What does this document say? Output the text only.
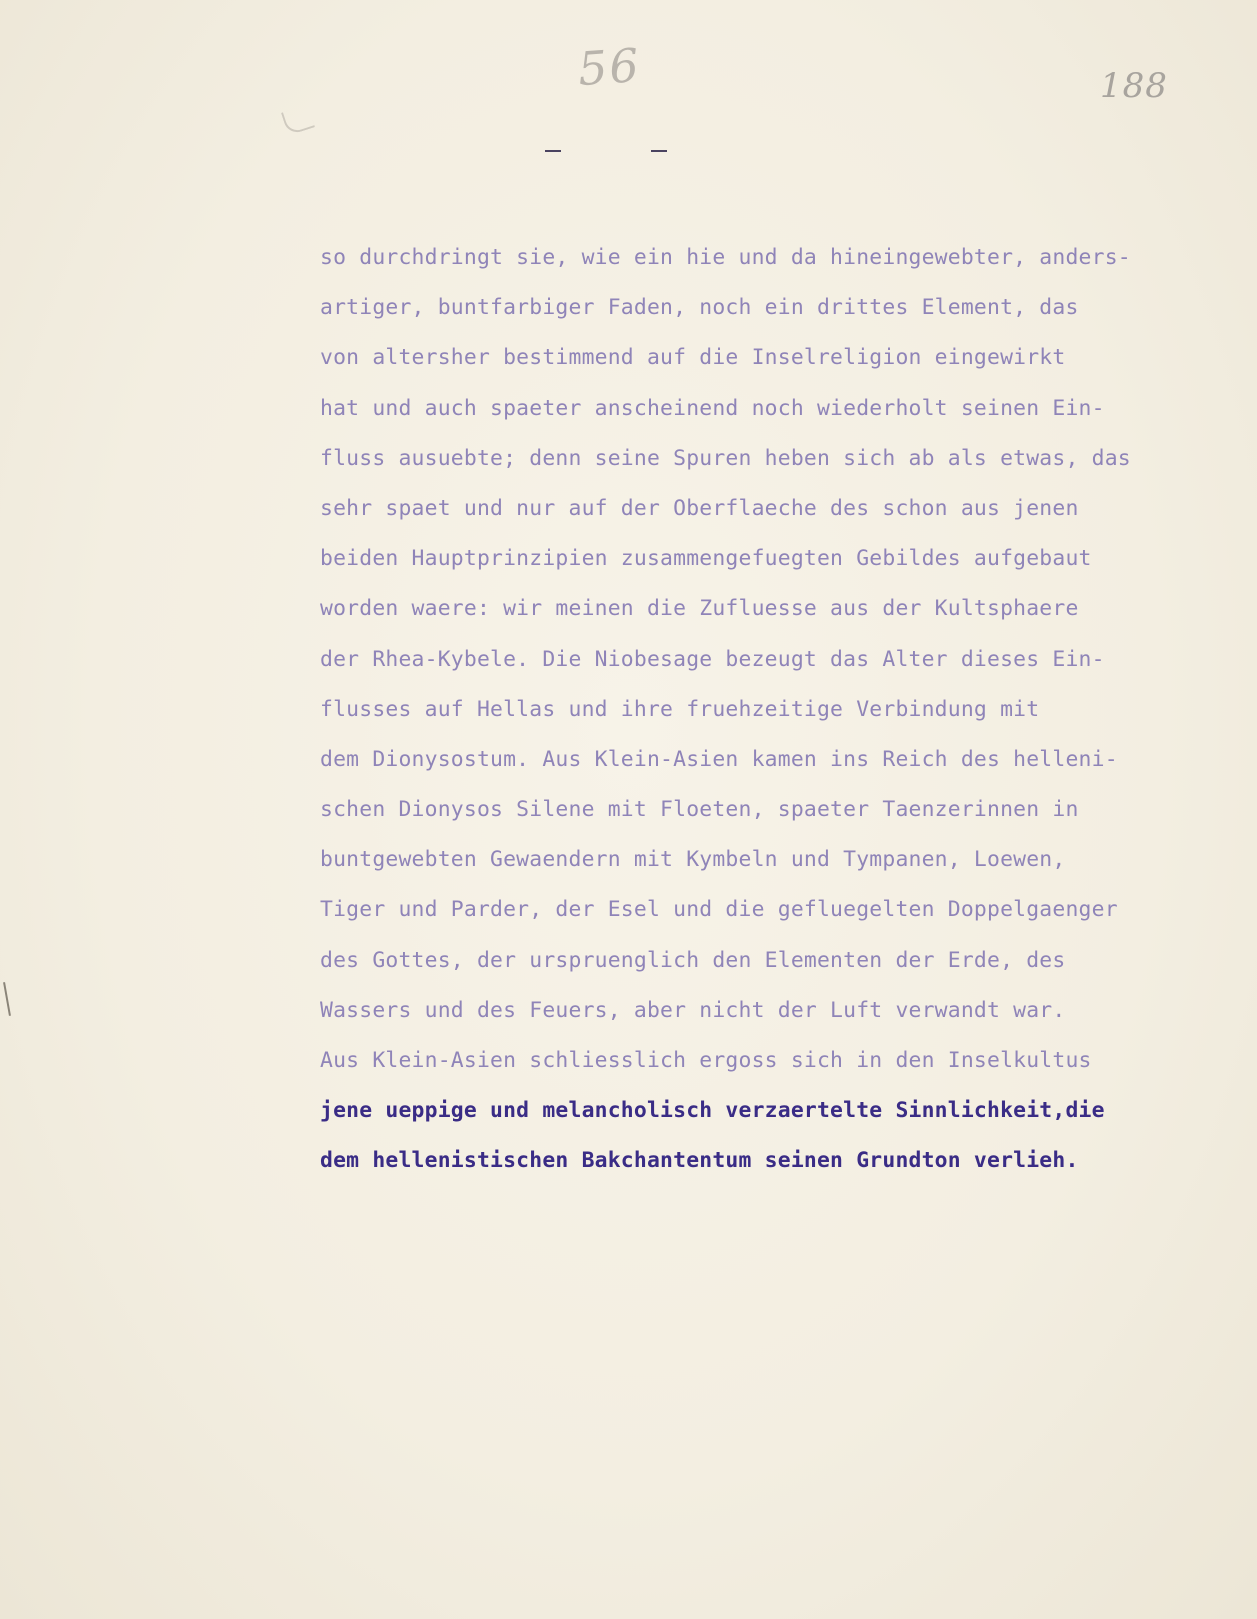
56	188
so durchdringt sie, wie ein hie und da hineingewebter, anders-
artiger, buntfarbiger Faden, noch ein drittes Element, das
von altersher bestimmend auf die Inselreligion eingewirkt
hat und auch spaeter anscheinend noch wiederholt seinen Ein-
fluss ausuebte; denn seine Spuren heben sich ab als etwas, das
sehr spaet und nur auf der Oberflaeche des schon aus jenen
beiden Hauptprinzipien zusammengefuegten Gebildes aufgebaut
worden waere: wir meinen die Zufluesse aus der Kultsphaere
der Rhea-Kybele. Die Niobesage bezeugt das Alter dieses Ein-
flusses auf Hellas und ihre fruehzeitige Verbindung mit
dem Dionysostum. Aus Klein-Asien kamen ins Reich des helleni-
schen Dionysos Silene mit Floeten, spaeter Taenzerinnen in
buntgewebten Gewaendern mit Kymbeln und Tympanen, Loewen,
Tiger und Parder, der Esel und die gefluegelten Doppelgaenger
des Gottes, der urspruenglich den Elementen der Erde, des
Wassers und des Feuers, aber nicht der Luft verwandt war.
Aus Klein-Asien schliesslich ergoss sich in den Inselkultus
jene ueppige und melancholisch verzaertelte Sinnlichkeit,die
dem hellenistischen Bakchantentum seinen Grundton verlieh.
